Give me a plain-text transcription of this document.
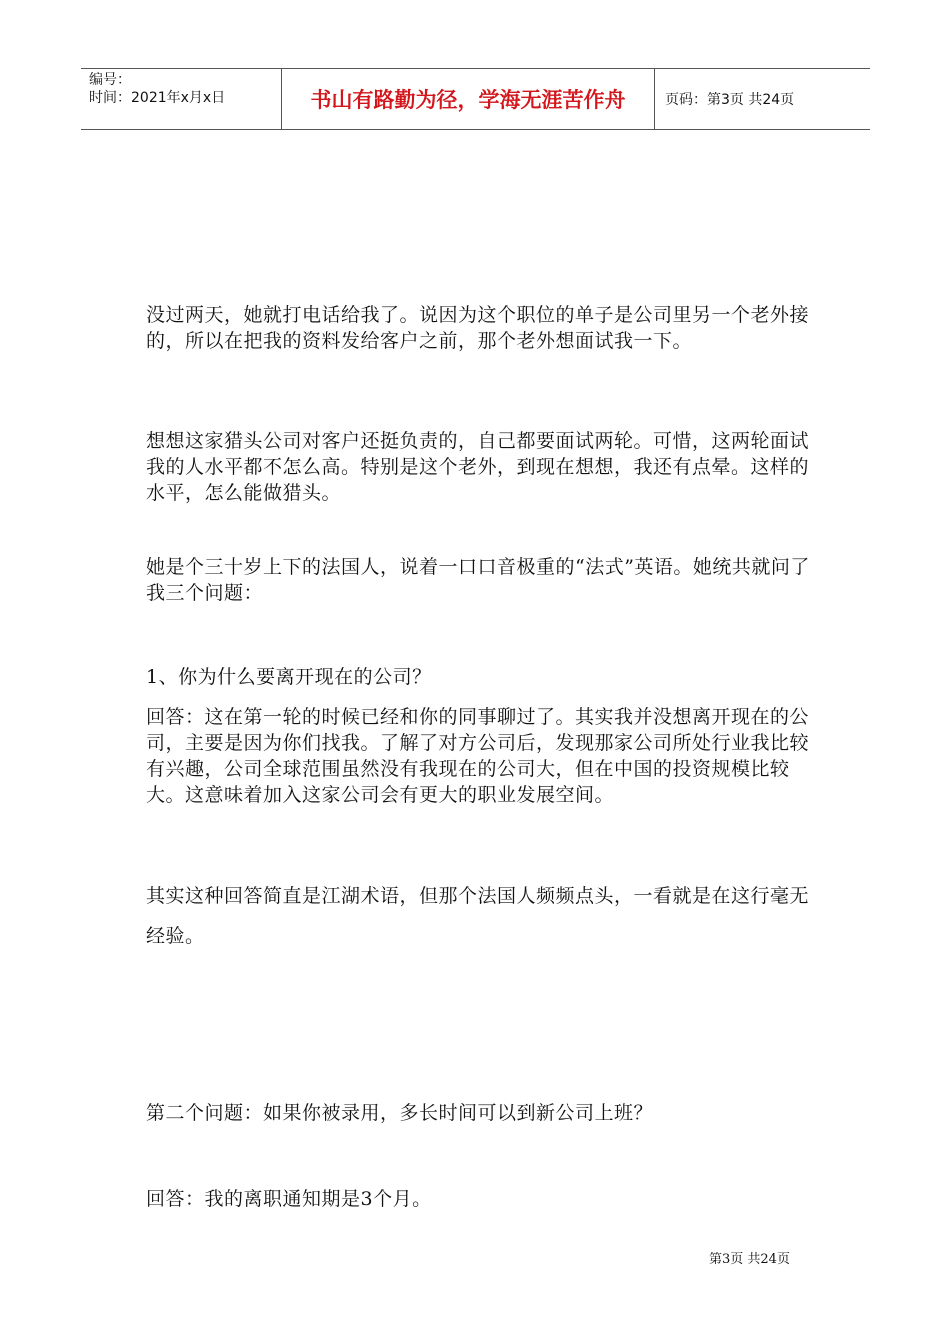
编号：
时间：2021年x月x日	书山有路勤为径，学海无涯苦作舟	页码：第3页 共24页

没过两天，她就打电话给我了。说因为这个职位的单子是公司里另一个老外接的，所以在把我的资料发给客户之前，那个老外想面试我一下。

想想这家猎头公司对客户还挺负责的，自己都要面试两轮。可惜，这两轮面试我的人水平都不怎么高。特别是这个老外，到现在想想，我还有点晕。这样的水平，怎么能做猎头。

她是个三十岁上下的法国人，说着一口口音极重的“法式”英语。她统共就问了我三个问题：

1、你为什么要离开现在的公司？

回答：这在第一轮的时候已经和你的同事聊过了。其实我并没想离开现在的公司，主要是因为你们找我。了解了对方公司后，发现那家公司所处行业我比较有兴趣，公司全球范围虽然没有我现在的公司大，但在中国的投资规模比较大。这意味着加入这家公司会有更大的职业发展空间。

其实这种回答简直是江湖术语，但那个法国人频频点头，一看就是在这行毫无经验。

第二个问题：如果你被录用，多长时间可以到新公司上班？

回答：我的离职通知期是3个月。

第3页 共24页
